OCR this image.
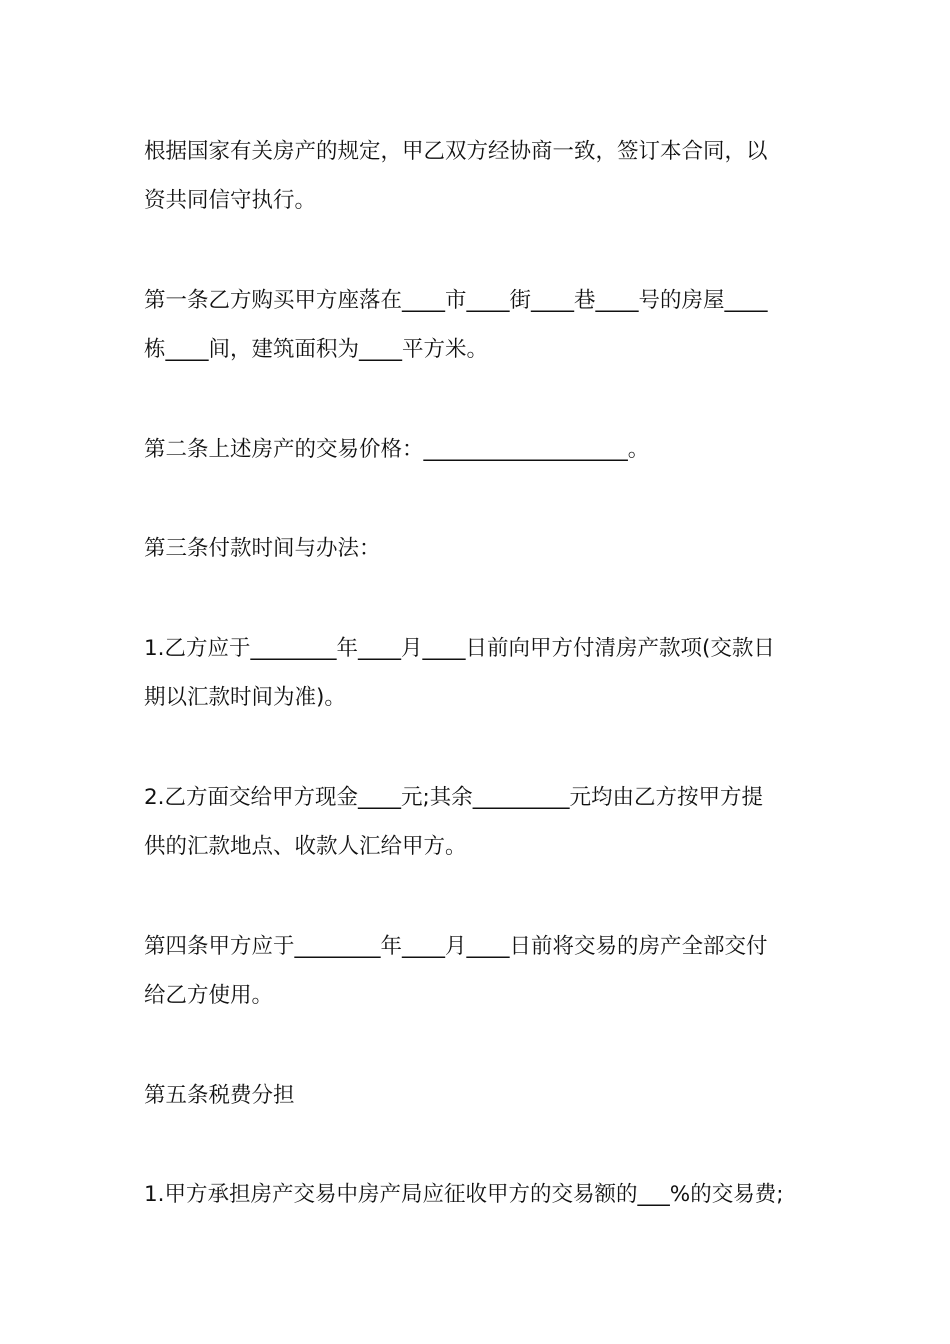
根据国家有关房产的规定，甲乙双方经协商一致，签订本合同，以
资共同信守执行。
第一条乙方购买甲方座落在____市____街____巷____号的房屋____
栋____间，建筑面积为____平方米。
第二条上述房产的交易价格：___________________。
第三条付款时间与办法：
1.乙方应于________年____月____日前向甲方付清房产款项(交款日
期以汇款时间为准)。
2.乙方面交给甲方现金____元;其余_________元均由乙方按甲方提
供的汇款地点、收款人汇给甲方。
第四条甲方应于________年____月____日前将交易的房产全部交付
给乙方使用。
第五条税费分担
1.甲方承担房产交易中房产局应征收甲方的交易额的___%的交易费;
